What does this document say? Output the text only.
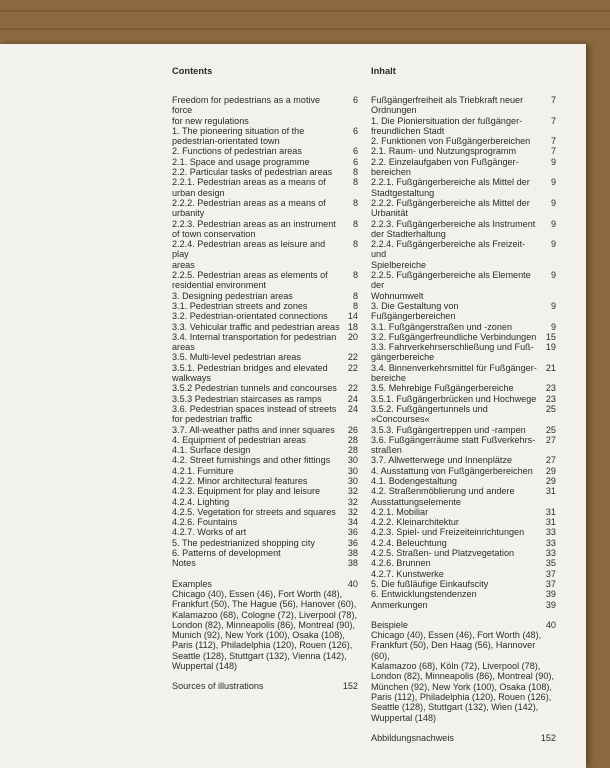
Contents
Freedom for pedestrians as a motive force
for new regulations
6
1. The pioneering situation of the
pedestrian-orientated town
6
2. Functions of pedestrian areas	6
2.1. Space and usage programme	6
2.2. Particular tasks of pedestrian areas	8
2.2.1. Pedestrian areas as a means of
urban design
8
2.2.2. Pedestrian areas as a means of
urbanity
8
2.2.3. Pedestrian areas as an instrument
of town conservation
8
2.2.4. Pedestrian areas as leisure and play
areas
8
2.2.5. Pedestrian areas as elements of
residential environment
8
3. Designing pedestrian areas	8
3.1. Pedestrian streets and zones	8
3.2. Pedestrian-orientated connections	14
3.3. Vehicular traffic and pedestrian areas 18
3.4. Internal transportation for pedestrian
areas
20
3.5. Multi-level pedestrian areas	22
3.5.1. Pedestrian bridges and elevated
walkways
22
3.5.2 Pedestrian tunnels and concourses	22
3.5.3 Pedestrian staircases as ramps	24
3.6. Pedestrian spaces instead of streets
for pedestrian traffic
24
3.7. All-weather paths and inner squares	26
4. Equipment of pedestrian areas	28
4.1. Surface design	28
4.2. Street furnishings and other fittings	30
4.2.1. Furniture	30
4.2.2. Minor architectural features	30
4.2.3. Equipment for play and leisure	32
4.2.4. Lighting	32
4.2.5. Vegetation for streets and squares	32
4.2.6. Fountains	34
4.2.7. Works of art	36
5. The pedestrianized shopping city	36
6. Patterns of development	38
Notes	38
Examples	40
Chicago (40), Essen (46), Fort Worth (48),
Frankfurt (50), The Hague (56), Hanover (60),
Kalamazoo (68), Cologne (72), Liverpool (78),
London (82), Minneapolis (86), Montreal (90),
Munich (92), New York (100), Osaka (108),
Paris (112), Philadelphia (120), Rouen (126),
Seattle (128), Stuttgart (132), Vienna (142),
Wuppertal (148)
Sources of illustrations	152
Inhalt
Fußgängerfreiheit als Triebkraft neuer
Ordnungen
7
1. Die Pioniersituation der fußgänger-
freundlichen Stadt
7
2. Funktionen von Fußgängerbereichen	7
2.1. Raum- und Nutzungsprogramm	7
2.2. Einzelaufgaben von Fußgänger-
bereichen
9
2.2.1. Fußgängerbereiche als Mittel der
Stadtgestaltung
9
2.2.2. Fußgängerbereiche als Mittel der
Urbanität
9
2.2.3. Fußgängerbereiche als Instrument
der Stadterhaltung
9
2.2.4. Fußgängerbereiche als Freizeit- und
Spielbereiche
9
2.2.5. Fußgängerbereiche als Elemente der
Wohnumwelt
9
3. Die Gestaltung von Fußgängerbereichen
9
3.1. Fußgängerstraßen und -zonen	9
3.2. Fußgängerfreundliche Verbindungen	15
3.3. Fahrverkehrserschließung und Fuß-
gängerbereiche
19
3.4. Binnenverkehrsmittel für Fußgänger-
bereiche
21
3.5. Mehrebige Fußgängerbereiche	23
3.5.1. Fußgängerbrücken und Hochwege	23
3.5.2. Fußgängertunnels und »Concourses«
25
3.5.3. Fußgängertreppen und -rampen	25
3.6. Fußgängerräume statt Fußverkehrs-
straßen
27
3.7. Allwetterwege und Innenplätze	27
4. Ausstattung von Fußgängerbereichen	29
4.1. Bodengestaltung	29
4.2. Straßenmöblierung und andere
Ausstattungselemente
31
4.2.1. Mobiliar	31
4.2.2. Kleinarchitektur	31
4.2.3. Spiel- und Freizeiteinrichtungen	33
4.2.4. Beleuchtung	33
4.2.5. Straßen- und Platzvegetation	33
4.2.6. Brunnen	35
4.2.7. Kunstwerke	37
5. Die fußläufige Einkaufscity	37
6. Entwicklungstendenzen	39
Anmerkungen	39
Beispiele	40
Chicago (40), Essen (46), Fort Worth (48),
Frankfurt (50), Den Haag (56), Hannover (60),
Kalamazoo (68), Köln (72), Liverpool (78),
London (82), Minneapolis (86), Montreal (90),
München (92), New York (100), Osaka (108),
Paris (112), Philadelphia (120), Rouen (126),
Seattle (128), Stuttgart (132), Wien (142),
Wuppertal (148)
Abbildungsnachweis	152
